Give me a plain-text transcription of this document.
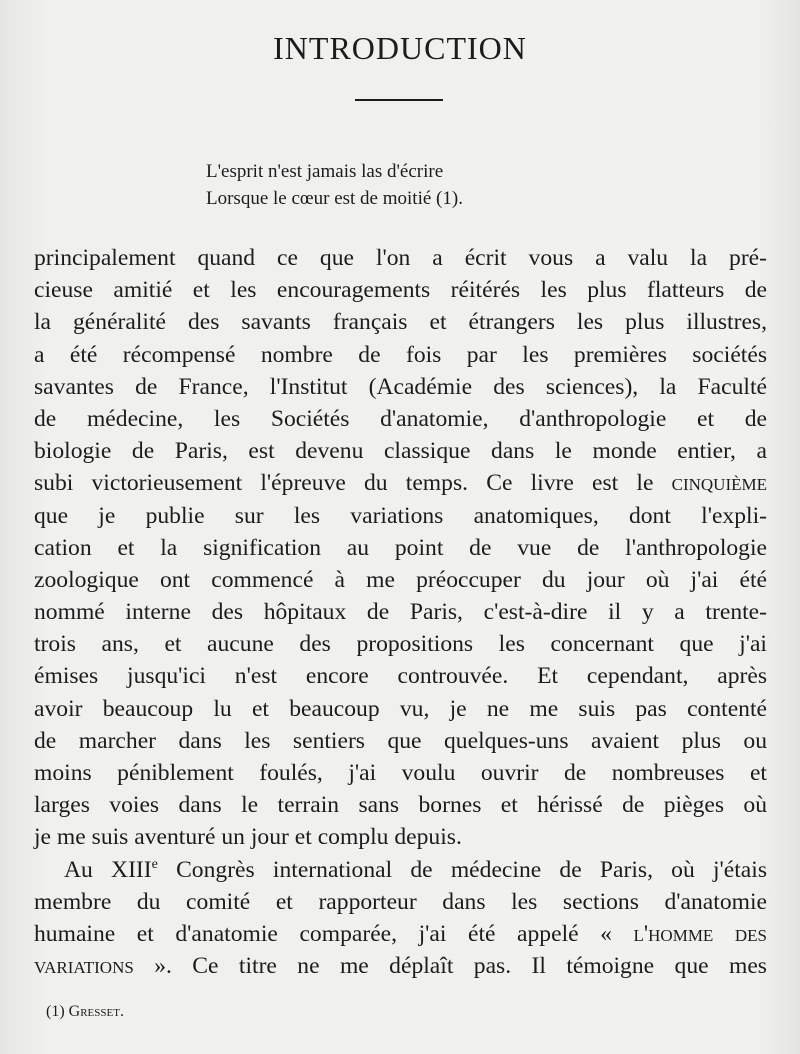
INTRODUCTION
L'esprit n'est jamais las d'écrire
Lorsque le cœur est de moitié (1).
principalement quand ce que l'on a écrit vous a valu la pré-
cieuse amitié et les encouragements réitérés les plus flatteurs de
la généralité des savants français et étrangers les plus illustres,
a été récompensé nombre de fois par les premières sociétés
savantes de France, l'Institut (Académie des sciences), la Faculté
de médecine, les Sociétés d'anatomie, d'anthropologie et de
biologie de Paris, est devenu classique dans le monde entier, a
subi victorieusement l'épreuve du temps. Ce livre est le cinquième
que je publie sur les variations anatomiques, dont l'expli-
cation et la signification au point de vue de l'anthropologie
zoologique ont commencé à me préoccuper du jour où j'ai été
nommé interne des hôpitaux de Paris, c'est-à-dire il y a trente-
trois ans, et aucune des propositions les concernant que j'ai
émises jusqu'ici n'est encore controuvée. Et cependant, après
avoir beaucoup lu et beaucoup vu, je ne me suis pas contenté
de marcher dans les sentiers que quelques-uns avaient plus ou
moins péniblement foulés, j'ai voulu ouvrir de nombreuses et
larges voies dans le terrain sans bornes et hérissé de pièges où
je me suis aventuré un jour et complu depuis.
Au XIIIe Congrès international de médecine de Paris, où j'étais
membre du comité et rapporteur dans les sections d'anatomie
humaine et d'anatomie comparée, j'ai été appelé « l'homme des
variations ». Ce titre ne me déplaît pas. Il témoigne que mes
(1) Gresset.
